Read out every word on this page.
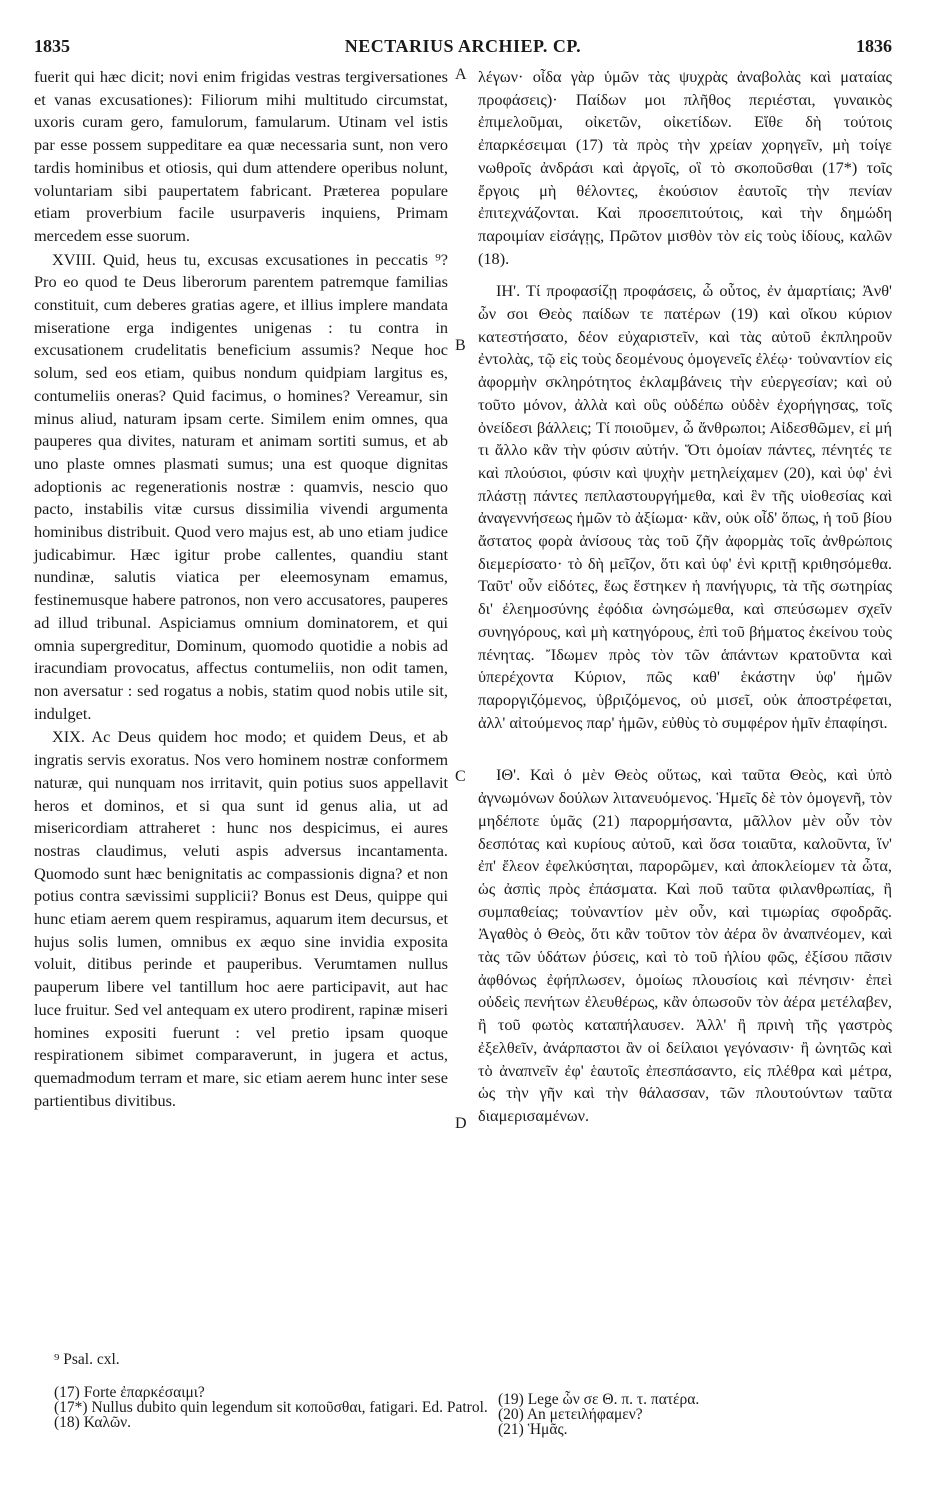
1835	NECTARIUS ARCHIEP. CP.	1836

fuerit qui hæc dicit; novi enim frigidas vestras tergiversationes et vanas excusationes): Filiorum mihi multitudo circumstat, uxoris curam gero, famulorum, famularum. Utinam vel istis par esse possem suppeditare ea quæ necessaria sunt, non vero tardis hominibus et otiosis, qui dum attendere operibus nolunt, voluntariam sibi paupertatem fabricant. Præterea populare etiam proverbium facile usurpaveris inquiens, Primam mercedem esse suorum.

XVIII. Quid, heus tu, excusas excusationes in peccatis ⁹? Pro eo quod te Deus liberorum parentem patremque familias constituit, cum deberes gratias agere, et illius implere mandata miseratione erga indigentes unigenas : tu contra in excusationem crudelitatis beneficium assumis? Neque hoc solum, sed eos etiam, quibus nondum quidpiam largitus es, contumeliis oneras? Quid facimus, o homines? Vereamur, sin minus aliud, naturam ipsam certe. Similem enim omnes, qua pauperes qua divites, naturam et animam sortiti sumus, et ab uno plaste omnes plasmati sumus; una est quoque dignitas adoptionis ac regenerationis nostræ : quamvis, nescio quo pacto, instabilis vitæ cursus dissimilia vivendi argumenta hominibus distribuit. Quod vero majus est, ab uno etiam judice judicabimur. Hæc igitur probe callentes, quandiu stant nundinæ, salutis viatica per eleemosynam emamus, festinemusque habere patronos, non vero accusatores, pauperes ad illud tribunal. Aspiciamus omnium dominatorem, et qui omnia supergreditur, Dominum, quomodo quotidie a nobis ad iracundiam provocatus, affectus contumeliis, non odit tamen, non aversatur : sed rogatus a nobis, statim quod nobis utile sit, indulget.

XIX. Ac Deus quidem hoc modo; et quidem Deus, et ab ingratis servis exoratus. Nos vero hominem nostræ conformem naturæ, qui nunquam nos irritavit, quin potius suos appellavit heros et dominos, et si qua sunt id genus alia, ut ad misericordiam attraheret : hunc nos despicimus, ei aures nostras claudimus, veluti aspis adversus incantamenta. Quomodo sunt hæc benignitatis ac compassionis digna? et non potius contra sævissimi supplicii? Bonus est Deus, quippe qui hunc etiam aerem quem respiramus, aquarum item decursus, et hujus solis lumen, omnibus ex æquo sine invidia exposita voluit, ditibus perinde et pauperibus. Verumtamen nullus pauperum libere vel tantillum hoc aere participavit, aut hac luce fruitur. Sed vel antequam ex utero prodirent, rapinæ miseri homines expositi fuerunt : vel pretio ipsam quoque respirationem sibimet comparaverunt, in jugera et actus, quemadmodum terram et mare, sic etiam aerem hunc inter sese partientibus divitibus.

A
B
C
D

λέγων· οἶδα γὰρ ὑμῶν τὰς ψυχρὰς ἀναβολὰς καὶ ματαίας προφάσεις)· Παίδων μοι πλῆθος περιέσται, γυναικὸς ἐπιμελοῦμαι, οἰκετῶν, οἰκετίδων. Εἴθε δὴ τούτοις ἐπαρκέσειμαι (17) τὰ πρὸς τὴν χρείαν χορηγεῖν, μὴ τοίγε νωθροῖς ἀνδράσι καὶ ἀργοῖς, οἳ τὸ σκοποῦσθαι (17*) τοῖς ἔργοις μὴ θέλοντες, ἑκούσιον ἑαυτοῖς τὴν πενίαν ἐπιτεχνάζονται. Καὶ προσεπιτούτοις, καὶ τὴν δημώδη παροιμίαν εἰσάγῃς, Πρῶτον μισθὸν τὸν εἰς τοὺς ἰδίους, καλῶν (18).

ΙΗ'. Τί προφασίζῃ προφάσεις, ὦ οὗτος, ἐν ἁμαρτίαις; Ἀνθ' ὧν σοι Θεὸς παίδων τε πατέρων (19) καὶ οἴκου κύριον κατεστήσατο, δέον εὐχαριστεῖν, καὶ τὰς αὐτοῦ ἐκπληροῦν ἐντολὰς, τῷ εἰς τοὺς δεομένους ὁμογενεῖς ἐλέῳ· τοὐναντίον εἰς ἀφορμὴν σκληρότητος ἐκλαμβάνεις τὴν εὐεργεσίαν; καὶ οὐ τοῦτο μόνον, ἀλλὰ καὶ οὓς οὐδέπω οὐδὲν ἐχορήγησας, τοῖς ὀνείδεσι βάλλεις; Τί ποιοῦμεν, ὦ ἄνθρωποι; Αἰδεσθῶμεν, εἰ μή τι ἄλλο κἂν τὴν φύσιν αὐτήν. Ὅτι ὁμοίαν πάντες, πένητές τε καὶ πλούσιοι, φύσιν καὶ ψυχὴν μετηλείχαμεν (20), καὶ ὑφ' ἑνὶ πλάστῃ πάντες πεπλαστουργήμεθα, καὶ ἓν τῆς υἱοθεσίας καὶ ἀναγεννήσεως ἡμῶν τὸ ἀξίωμα· κἂν, οὐκ οἶδ' ὅπως, ἡ τοῦ βίου ἄστατος φορὰ ἀνίσους τὰς τοῦ ζῆν ἀφορμὰς τοῖς ἀνθρώποις διεμερίσατο· τὸ δὴ μεῖζον, ὅτι καὶ ὑφ' ἑνὶ κριτῇ κριθησόμεθα. Ταῦτ' οὖν εἰδότες, ἕως ἕστηκεν ἡ πανήγυρις, τὰ τῆς σωτηρίας δι' ἐλεημοσύνης ἐφόδια ὠνησώμεθα, καὶ σπεύσωμεν σχεῖν συνηγόρους, καὶ μὴ κατηγόρους, ἐπὶ τοῦ βήματος ἐκείνου τοὺς πένητας. Ἴδωμεν πρὸς τὸν τῶν ἁπάντων κρατοῦντα καὶ ὑπερέχοντα Κύριον, πῶς καθ' ἑκάστην ὑφ' ἡμῶν παροργιζόμενος, ὑβριζόμενος, οὐ μισεῖ, οὐκ ἀποστρέφεται, ἀλλ' αἰτούμενος παρ' ἡμῶν, εὐθὺς τὸ συμφέρον ἡμῖν ἐπαφίησι.

ΙΘ'. Καὶ ὁ μὲν Θεὸς οὕτως, καὶ ταῦτα Θεὸς, καὶ ὑπὸ ἀγνωμόνων δούλων λιτανευόμενος. Ἡμεῖς δὲ τὸν ὁμογενῆ, τὸν μηδέποτε ὑμᾶς (21) παρορμήσαντα, μᾶλλον μὲν οὖν τὸν δεσπότας καὶ κυρίους αὐτοῦ, καὶ ὅσα τοιαῦτα, καλοῦντα, ἵν' ἐπ' ἔλεον ἐφελκύσηται, παρορῶμεν, καὶ ἀποκλείομεν τὰ ὦτα, ὡς ἀσπὶς πρὸς ἐπάσματα. Καὶ ποῦ ταῦτα φιλανθρωπίας, ἢ συμπαθείας; τοὐναντίον μὲν οὖν, καὶ τιμωρίας σφοδρᾶς. Ἀγαθὸς ὁ Θεὸς, ὅτι κἂν τοῦτον τὸν ἀέρα ὃν ἀναπνέομεν, καὶ τὰς τῶν ὑδάτων ῥύσεις, καὶ τὸ τοῦ ἡλίου φῶς, ἐξίσου πᾶσιν ἀφθόνως ἐφήπλωσεν, ὁμοίως πλουσίοις καὶ πένησιν· ἐπεὶ οὐδεὶς πενήτων ἐλευθέρως, κἂν ὁπωσοῦν τὸν ἀέρα μετέλαβεν, ἢ τοῦ φωτὸς καταπήλαυσεν. Ἀλλ' ἢ πρινὴ τῆς γαστρὸς ἐξελθεῖν, ἀνάρπαστοι ἂν οἱ δείλαιοι γεγόνασιν· ἢ ὠνητῶς καὶ τὸ ἀναπνεῖν ἐφ' ἑαυτοῖς ἐπεσπάσαντο, εἰς πλέθρα καὶ μέτρα, ὡς τὴν γῆν καὶ τὴν θάλασσαν, τῶν πλουτούντων ταῦτα διαμερισαμένων.

⁹ Psal. cxl.
(17) Forte ἐπαρκέσαιμι?
(17*) Nullus dubito quin legendum sit κοποῦσθαι, fatigari. Ed. Patrol.
(18) Καλῶν.
(19) Lege ὧν σε Θ. π. τ. πατέρα.
(20) An μετειλήφαμεν?
(21) Ἡμᾶς.
